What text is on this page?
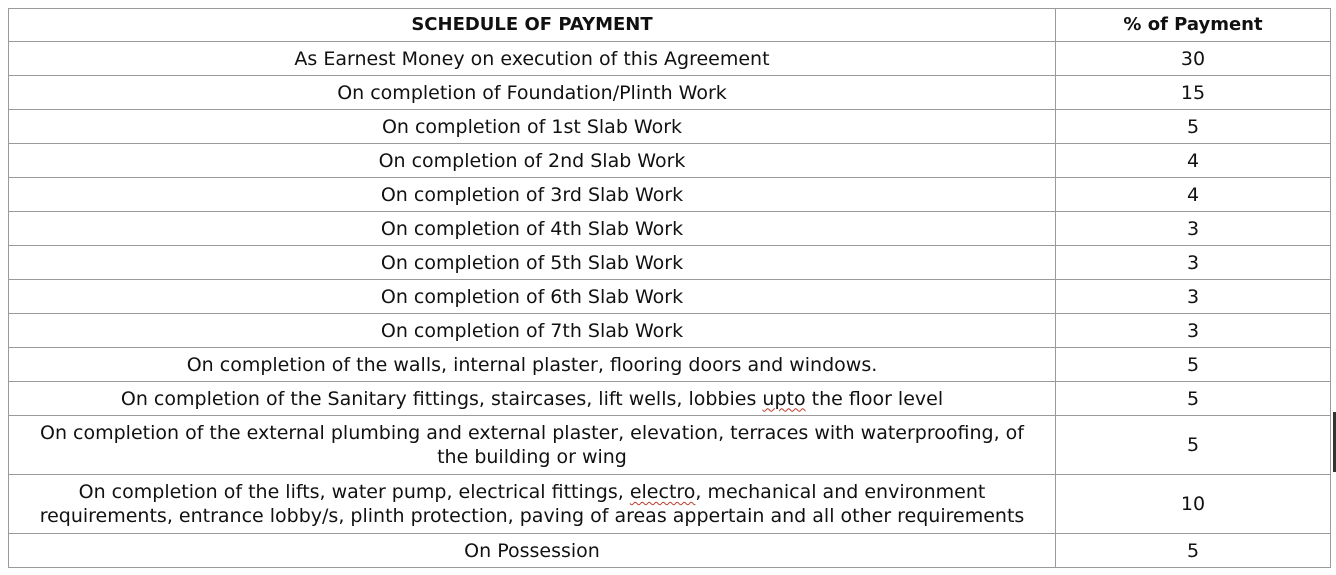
SCHEDULE OF PAYMENT	% of Payment
As Earnest Money on execution of this Agreement	30
On completion of Foundation/Plinth Work	15
On completion of 1st Slab Work	5
On completion of 2nd Slab Work	4
On completion of 3rd Slab Work	4
On completion of 4th Slab Work	3
On completion of 5th Slab Work	3
On completion of 6th Slab Work	3
On completion of 7th Slab Work	3
On completion of the walls, internal plaster, flooring doors and windows.	5
On completion of the Sanitary fittings, staircases, lift wells, lobbies upto the floor level	5
On completion of the external plumbing and external plaster, elevation, terraces with waterproofing, of
the building or wing	5
On completion of the lifts, water pump, electrical fittings, electro, mechanical and environment
requirements, entrance lobby/s, plinth protection, paving of areas appertain and all other requirements	10
On Possession	5
